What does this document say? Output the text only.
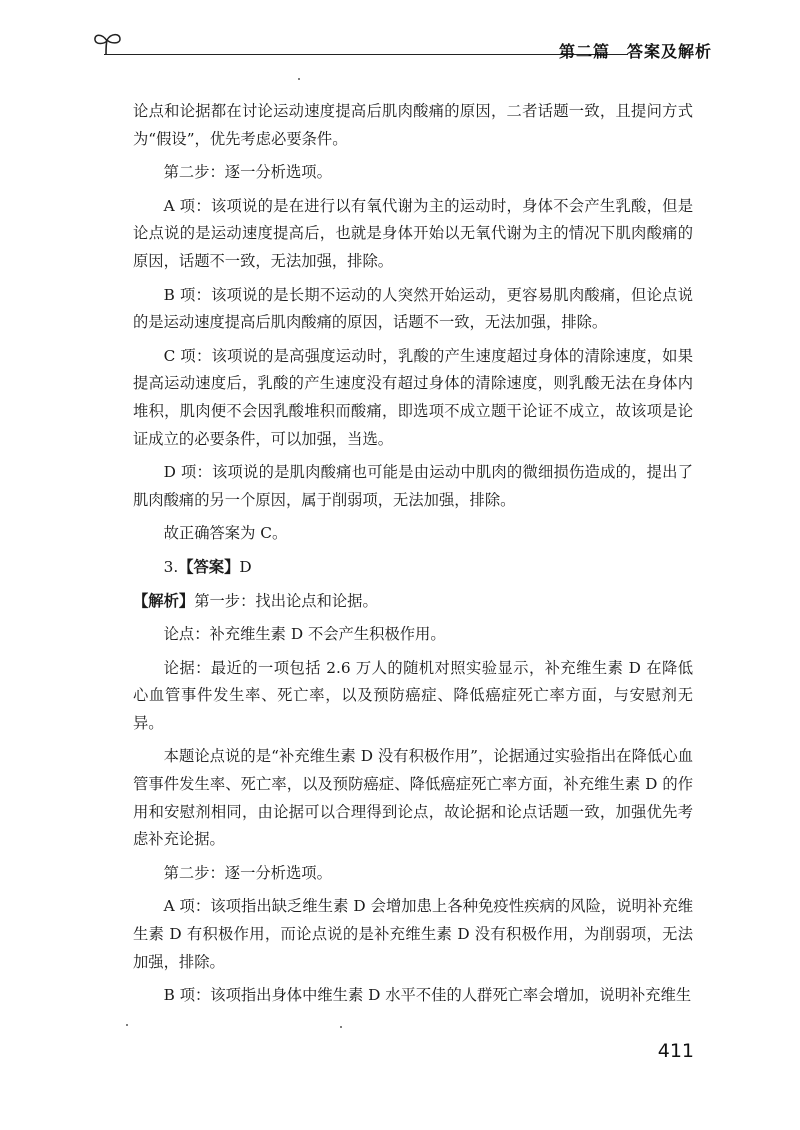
第二篇　答案及解析

论点和论据都在讨论运动速度提高后肌肉酸痛的原因，二者话题一致，且提问方式为“假设”，优先考虑必要条件。

第二步：逐一分析选项。

A 项：该项说的是在进行以有氧代谢为主的运动时，身体不会产生乳酸，但是论点说的是运动速度提高后，也就是身体开始以无氧代谢为主的情况下肌肉酸痛的原因，话题不一致，无法加强，排除。

B 项：该项说的是长期不运动的人突然开始运动，更容易肌肉酸痛，但论点说的是运动速度提高后肌肉酸痛的原因，话题不一致，无法加强，排除。

C 项：该项说的是高强度运动时，乳酸的产生速度超过身体的清除速度，如果提高运动速度后，乳酸的产生速度没有超过身体的清除速度，则乳酸无法在身体内堆积，肌肉便不会因乳酸堆积而酸痛，即选项不成立题干论证不成立，故该项是论证成立的必要条件，可以加强，当选。

D 项：该项说的是肌肉酸痛也可能是由运动中肌肉的微细损伤造成的，提出了肌肉酸痛的另一个原因，属于削弱项，无法加强，排除。

故正确答案为 C。

3.【答案】D

【解析】第一步：找出论点和论据。

论点：补充维生素 D 不会产生积极作用。

论据：最近的一项包括 2.6 万人的随机对照实验显示，补充维生素 D 在降低心血管事件发生率、死亡率，以及预防癌症、降低癌症死亡率方面，与安慰剂无异。

本题论点说的是“补充维生素 D 没有积极作用”，论据通过实验指出在降低心血管事件发生率、死亡率，以及预防癌症、降低癌症死亡率方面，补充维生素 D 的作用和安慰剂相同，由论据可以合理得到论点，故论据和论点话题一致，加强优先考虑补充论据。

第二步：逐一分析选项。

A 项：该项指出缺乏维生素 D 会增加患上各种免疫性疾病的风险，说明补充维生素 D 有积极作用，而论点说的是补充维生素 D 没有积极作用，为削弱项，无法加强，排除。

B 项：该项指出身体中维生素 D 水平不佳的人群死亡率会增加，说明补充维生

411
